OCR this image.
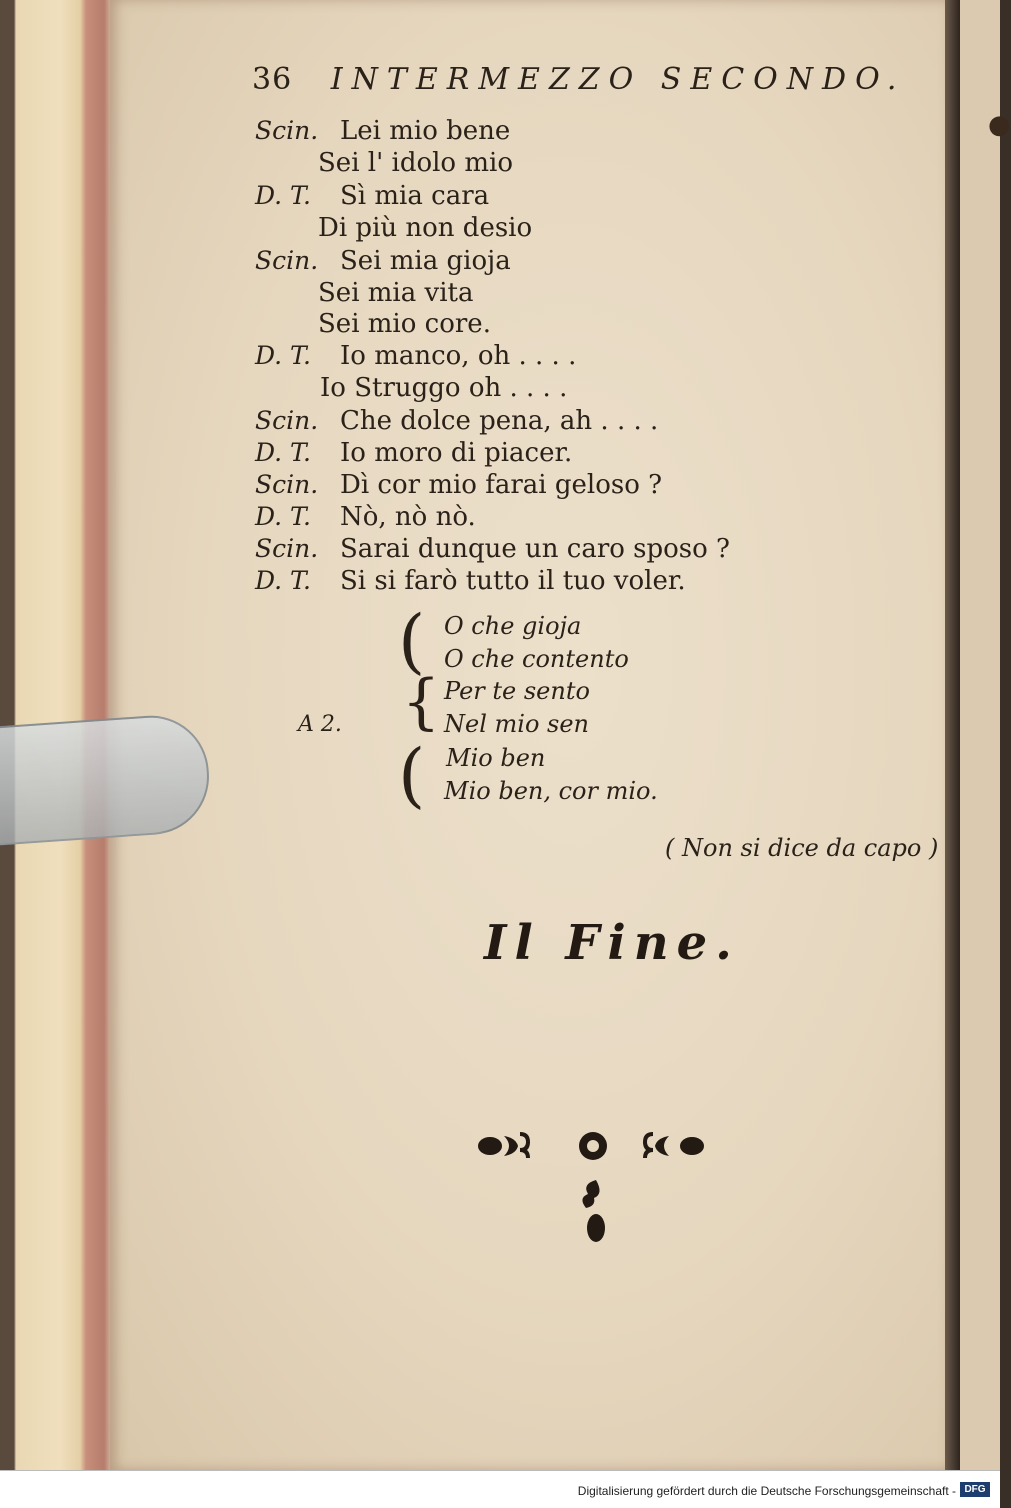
36 INTERMEZZO SECONDO.
Scin. Lei mio bene
Sei l' idolo mio
D. T. Sì mia cara
Di più non desio
Scin. Sei mia gioja
Sei mia vita
Sei mio core.
D. T. Io manco, oh . . . .
Io Struggo oh . . . .
Scin. Che dolce pena, ah . . . .
D. T. Io moro di piacer.
Scin. Dì cor mio farai geloso ?
D. T. Nò, nò nò.
Scin. Sarai dunque un caro sposo ?
D. T. Si si farò tutto il tuo voler.
(
{
(
A 2.
O che gioja
O che contento
Per te sento
Nel mio sen
Mio ben
Mio ben, cor mio.
( Non si dice da capo )
Il Fine.
●
Digitalisierung gefördert durch die Deutsche Forschungsgemeinschaft - DFG
